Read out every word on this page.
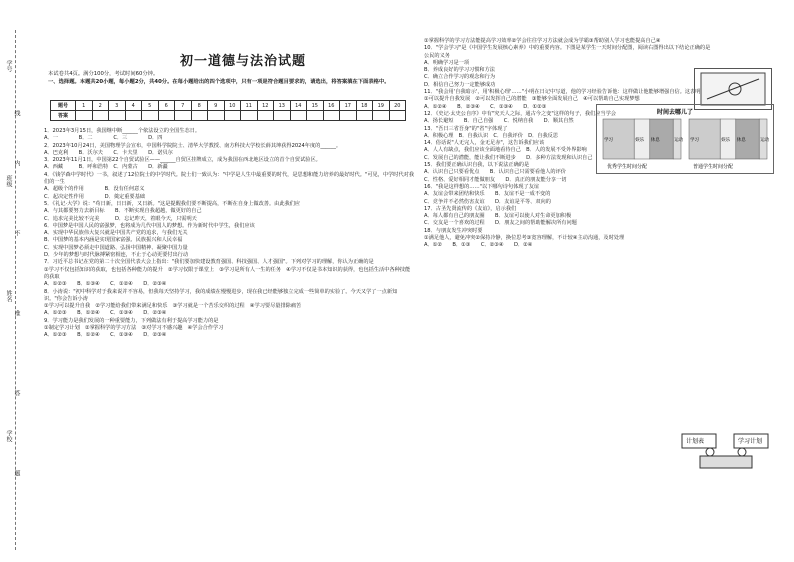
学号
班级
姓名
学校
线
内
不
准
答
题
初一道德与法治试题
本试卷共4页。满分100分，考试时间60分钟。
一、选择题。本题共20小题，每小题2分，共40分。在每小题给出的四个选项中，只有一项是符合题目要求的，请选出，将答案填在下面表格中。
题号	1	2	3	4	5	6	7	8	9	10	11	12	13	14	15	16	17	18	19	20
答案																				
1．2023年3月15日，我国继中断______个依法设立的全国生态日。
A．一　　　　B．二　　　　C．三　　　　D．四
2．2023年10月24日，美国物理学会宣布，中国科学院院士、清华大学教授、南方科技大学校长薛其坤获得2024年度的______。
A．巴克利　　B．沃尔夫　　C．卡夫里　　D．诺贝尔
3．2023年11月1日，中国第22个自贸试验区——______自贸区挂牌成立，成为我国在西北地区设立的首个自贸试验区。
A．西藏　　　B．呼和浩特　C．内蒙古　　D．新疆
4．《钱学森中学时代》一书，叙述了12位院士的中学时代。院士们一致认为："中学是人生中最重要的时代，是思想和能力培养的最好时代。"可见，中学时代对我们的一生
A．超级个的作用　　　　B．没有任何意义
C．起决定性作用　　　　D．奠定重要基础
5．《礼记·大学》说："苟日新，日日新，又日新。"这是提醒我们要不断提高，不断在自身上做改善。由此我们应
A．与其都要努力去新目标　　B．不断实现自我超越，做更好的自己
C．追求完美比较不完美　　　D．忘记昨天，着眼今天，只需明天
6．中国梦是中国人民的富强梦，也将成为几代中国人的梦想。作为新时代中学生，我们应该
A．实现中华民族伟大复兴就是中国共产党的追求，与我们无关
B．中国梦的基本内涵是实现国家富强、民族振兴和人民幸福
C．实现中国梦必须走中国道路、弘扬中国精神、凝聚中国力量
D．少年的梦想与时代脉搏紧密相连，不止于心动更要付出行动
7．习近平总书记在党的第二十次全国代表大会上指出："我们要加快建设教育强国、科技强国、人才强国"。下列对学习的理解，你认为正确的是
①学习不仅包括知识的获取，也包括各种能力的提升　②学习仅限于课堂上　③学习是所有人一生的任务　④学习不仅是书本知识的获得，也包括生活中各种技能的获取
A．①②③　　B．①③④　　C．①②④　　D．②③④
8．小涛说："初中科学对于我来说并不容易，但我每天坚持学习，我的成绩在慢慢进步，现在我已经能够独立完成一些简单的实验了。今天又学了一点新知识。"你会告诉小涛
①学习可以提升自我　②学习能给我们带来满足和快乐　③学习就是一个苦乐交织的过程　④学习要尽量排除痛苦
A．①②③　　B．①②④　　C．①③④　　D．②③④
9．学习能力是我们发展的一种重要能力，下列做法有利于提高学习能力的是
①制定学习计划　②掌握科学的学习方法　③对学习不感兴趣　④学会合作学习
A．①②③　　B．①②④　　C．①③④　　D．②③④
①掌握科学的学习方法能提高学习效率②学会往往学习方法就会成为学霸③帮助别人学习也能提高自己④
10．"学会学习"是《中国学生发展核心素养》中的重要内容。下图是某学生一天时间分配图，阅读右图得出以下结论正确的是
公民的义务
A．明确学习是一项
B．养成良好的学习习惯和方法
C．确立合作学习的观念和行为
D．相信自己努力一定能够成功
11．"我会用'自我暗示'，用'积极心理'……"小明在日记中写道，他的学习经验告诉他：这样做让他能够增强自信。这表明
①可以提升自我发展　②可以发挥自己的潜能　③能够全面发展自己　④可以帮助自己实现梦想
A．①②④　　B．②③④　　C．①③④　　D．①②③
12．《史记·太史公自序》中有"究天人之际，通古今之变"这样的句子，我们应当学会
A．扬长避短　　B．自己自强　　C．悦纳自我　　D．顺其自然
13．"吾日三省吾身"的"省"字体现了
A．积极心理　B．自我认识　C．自我评价　D．自我反思
14．俗话说"人无完人，金无足赤"，这告诉我们应该
A．人人有缺点，我们应该全面地看待自己　B．人的发展不受外界影响
C．发展自己的潜能，能让我们不断进步　　D．多种方法发现和认识自己
15．我们要正确认识自我，以下说法正确的是
A．认识自己只要看优点　　B．认识自己只需要看他人的评价
C．性格、爱好相同才能做朋友　　D．真正的朋友能分享一切
16．"我是这样想的……"以下哪句诗句体现了友谊
A．友谊会带来团结和快乐　　B．友谊不是一成不变的
C．竞争并不必然伤害友谊　　D．友谊是平等、双向的
17．古圣先贤流传的《友谊》，启示我们
A．每人都有自己的朋友圈　　B．友谊可以使人对生命更加积极
C．交友是一个喜欢的过程　　D．朋友之间的帮助能解决所有问题
18．与朋友发生冲突时要
①满足他人，避免冲突②保持冷静，换位思考③宽容理解，不计较④主动沟通，及时处理
A．①②　　B．①③　　C．②③④　　D．②④
时间去哪儿了
学习	娱乐 休息	运动 学习	娱乐 休息	运动
优秀学生时间分配	普通学生时间分配
计划表	学习计划
